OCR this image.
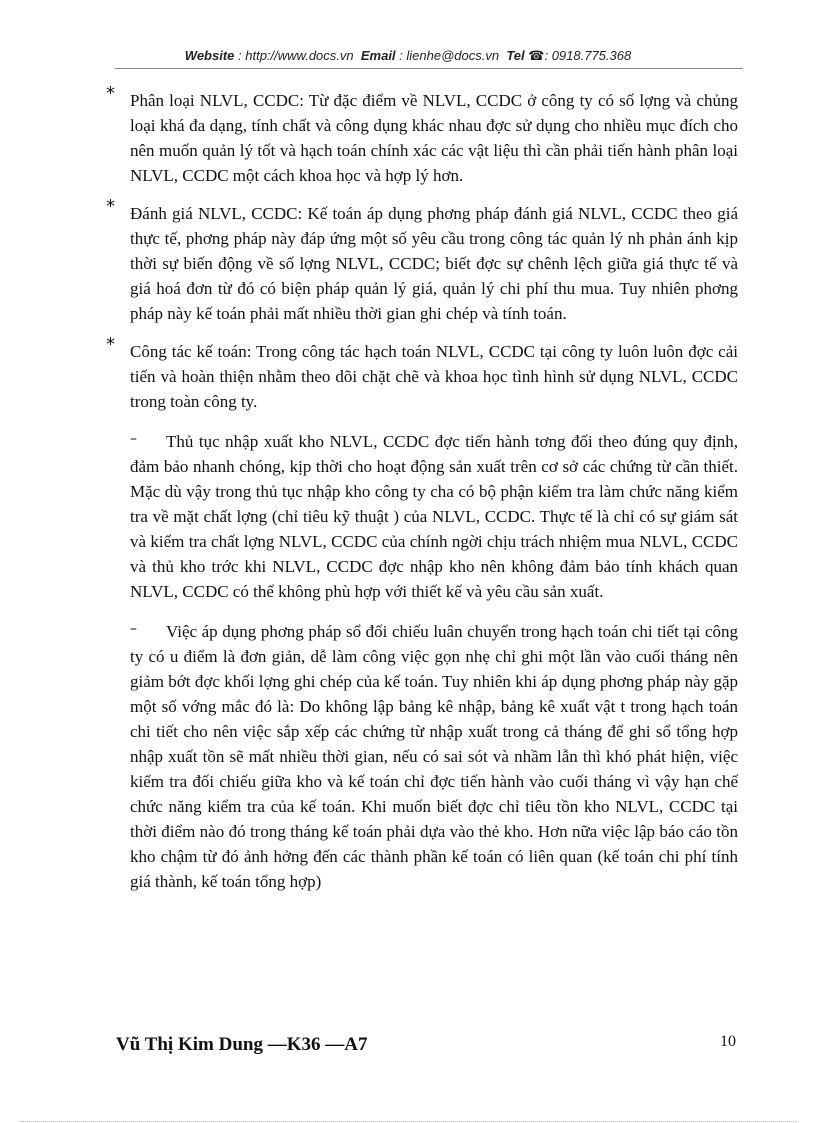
Website : http://www.docs.vn Email : lienhe@docs.vn Tel ☎: 0918.775.368
* Phân loại NLVL, CCDC: Từ đặc điểm về NLVL, CCDC ở công ty có số lợng và chủng loại khá đa dạng, tính chất và công dụng khác nhau đợc sử dụng cho nhiều mục đích cho nên muốn quản lý tốt và hạch toán chính xác các vật liệu thì cần phải tiến hành phân loại NLVL, CCDC một cách khoa học và hợp lý hơn.
* Đánh giá NLVL, CCDC: Kế toán áp dụng phơng pháp đánh giá NLVL, CCDC theo giá thực tế, phơng pháp này đáp ứng một số yêu cầu trong công tác quản lý nh phản ánh kịp thời sự biến động về số lợng NLVL, CCDC; biết đợc sự chênh lệch giữa giá thực tế và giá hoá đơn từ đó có biện pháp quản lý giá, quản lý chi phí thu mua. Tuy nhiên phơng pháp này kế toán phải mất nhiều thời gian ghi chép và tính toán.
* Công tác kế toán: Trong công tác hạch toán NLVL, CCDC tại công ty luôn luôn đợc cải tiến và hoàn thiện nhằm theo dõi chặt chẽ và khoa học tình hình sử dụng NLVL, CCDC trong toàn công ty.
– Thủ tục nhập xuất kho NLVL, CCDC đợc tiến hành tơng đối theo đúng quy định, đảm bảo nhanh chóng, kịp thời cho hoạt động sản xuất trên cơ sở các chứng từ cần thiết. Mặc dù vậy trong thủ tục nhập kho công ty cha có bộ phận kiểm tra làm chức năng kiểm tra về mặt chất lợng (chỉ tiêu kỹ thuật ) của NLVL, CCDC. Thực tế là chỉ có sự giám sát và kiểm tra chất lợng NLVL, CCDC của chính ngời chịu trách nhiệm mua NLVL, CCDC và thủ kho trớc khi NLVL, CCDC đợc nhập kho nên không đảm bảo tính khách quan NLVL, CCDC có thể không phù hợp với thiết kế và yêu cầu sản xuất.
– Việc áp dụng phơng pháp sổ đối chiếu luân chuyển trong hạch toán chi tiết tại công ty có u điểm là đơn giản, dễ làm công việc gọn nhẹ chỉ ghi một lần vào cuối tháng nên giảm bớt đợc khối lợng ghi chép của kế toán. Tuy nhiên khi áp dụng phơng pháp này gặp một số vớng mắc đó là: Do không lập bảng kê nhập, bảng kê xuất vật t trong hạch toán chi tiết cho nên việc sắp xếp các chứng từ nhập xuất trong cả tháng để ghi sổ tổng hợp nhập xuất tồn sẽ mất nhiều thời gian, nếu có sai sót và nhầm lẫn thì khó phát hiện, việc kiểm tra đối chiếu giữa kho và kế toán chỉ đợc tiến hành vào cuối tháng vì vậy hạn chế chức năng kiểm tra của kế toán. Khi muốn biết đợc chỉ tiêu tồn kho NLVL, CCDC tại thời điểm nào đó trong tháng kế toán phải dựa vào thẻ kho. Hơn nữa việc lập báo cáo tồn kho chậm từ đó ảnh hởng đến các thành phần kế toán có liên quan (kế toán chi phí tính giá thành, kế toán tổng hợp)
Vũ Thị Kim Dung —K36 —A7	10
